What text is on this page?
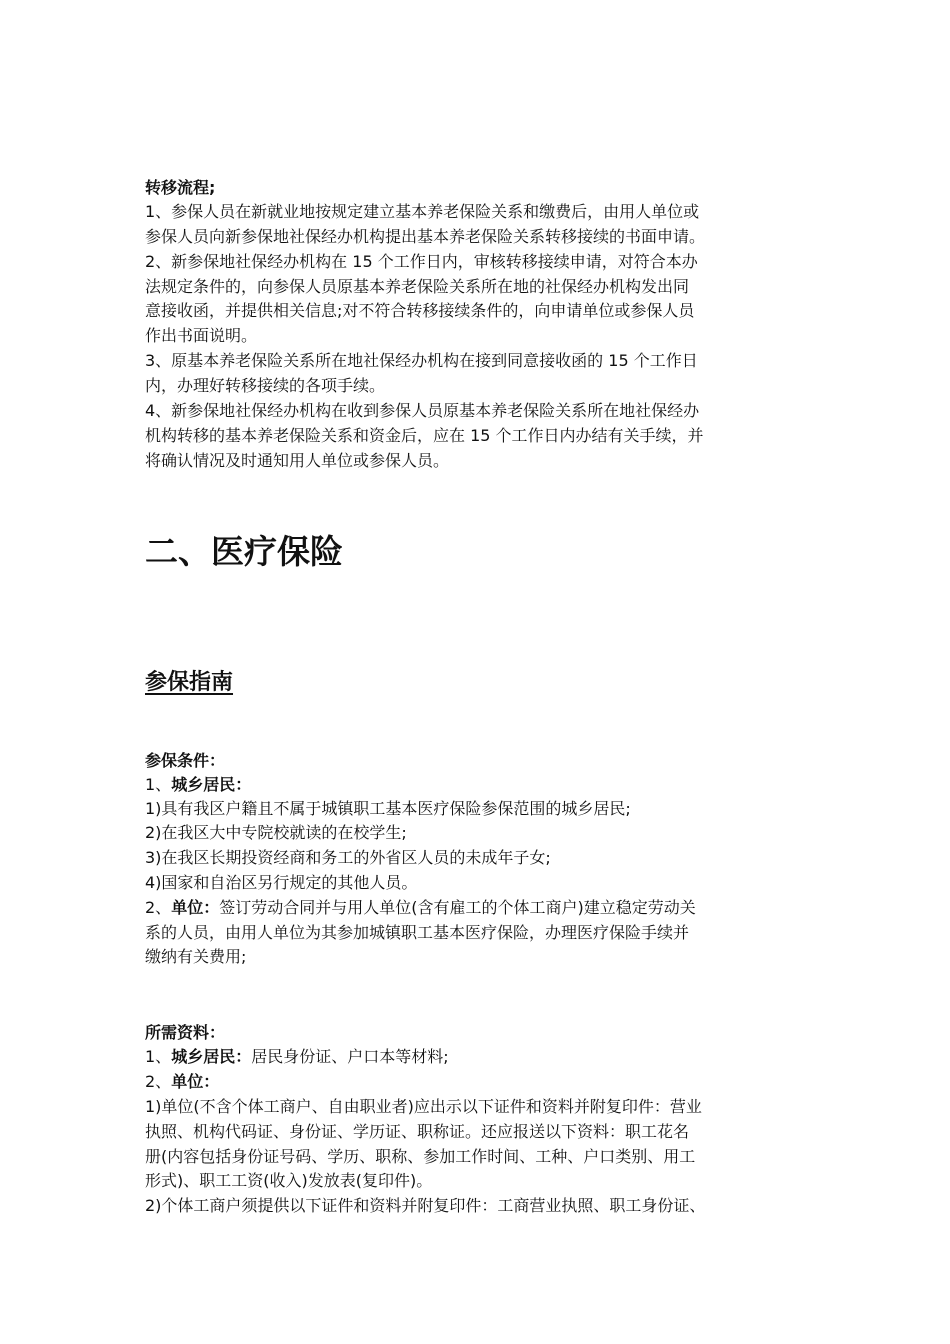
转移流程;
1、参保人员在新就业地按规定建立基本养老保险关系和缴费后，由用人单位或
参保人员向新参保地社保经办机构提出基本养老保险关系转移接续的书面申请。
2、新参保地社保经办机构在 15 个工作日内，审核转移接续申请，对符合本办
法规定条件的，向参保人员原基本养老保险关系所在地的社保经办机构发出同
意接收函，并提供相关信息;对不符合转移接续条件的，向申请单位或参保人员
作出书面说明。
3、原基本养老保险关系所在地社保经办机构在接到同意接收函的 15 个工作日
内，办理好转移接续的各项手续。
4、新参保地社保经办机构在收到参保人员原基本养老保险关系所在地社保经办
机构转移的基本养老保险关系和资金后，应在 15 个工作日内办结有关手续，并
将确认情况及时通知用人单位或参保人员。
二、医疗保险
参保指南
参保条件：
1、城乡居民：
1)具有我区户籍且不属于城镇职工基本医疗保险参保范围的城乡居民;
2)在我区大中专院校就读的在校学生;
3)在我区长期投资经商和务工的外省区人员的未成年子女;
4)国家和自治区另行规定的其他人员。
2、单位：签订劳动合同并与用人单位(含有雇工的个体工商户)建立稳定劳动关
系的人员，由用人单位为其参加城镇职工基本医疗保险，办理医疗保险手续并
缴纳有关费用;
所需资料：
1、城乡居民：居民身份证、户口本等材料;
2、单位：
1)单位(不含个体工商户、自由职业者)应出示以下证件和资料并附复印件：营业
执照、机构代码证、身份证、学历证、职称证。还应报送以下资料：职工花名
册(内容包括身份证号码、学历、职称、参加工作时间、工种、户口类别、用工
形式)、职工工资(收入)发放表(复印件)。
2)个体工商户须提供以下证件和资料并附复印件：工商营业执照、职工身份证、
